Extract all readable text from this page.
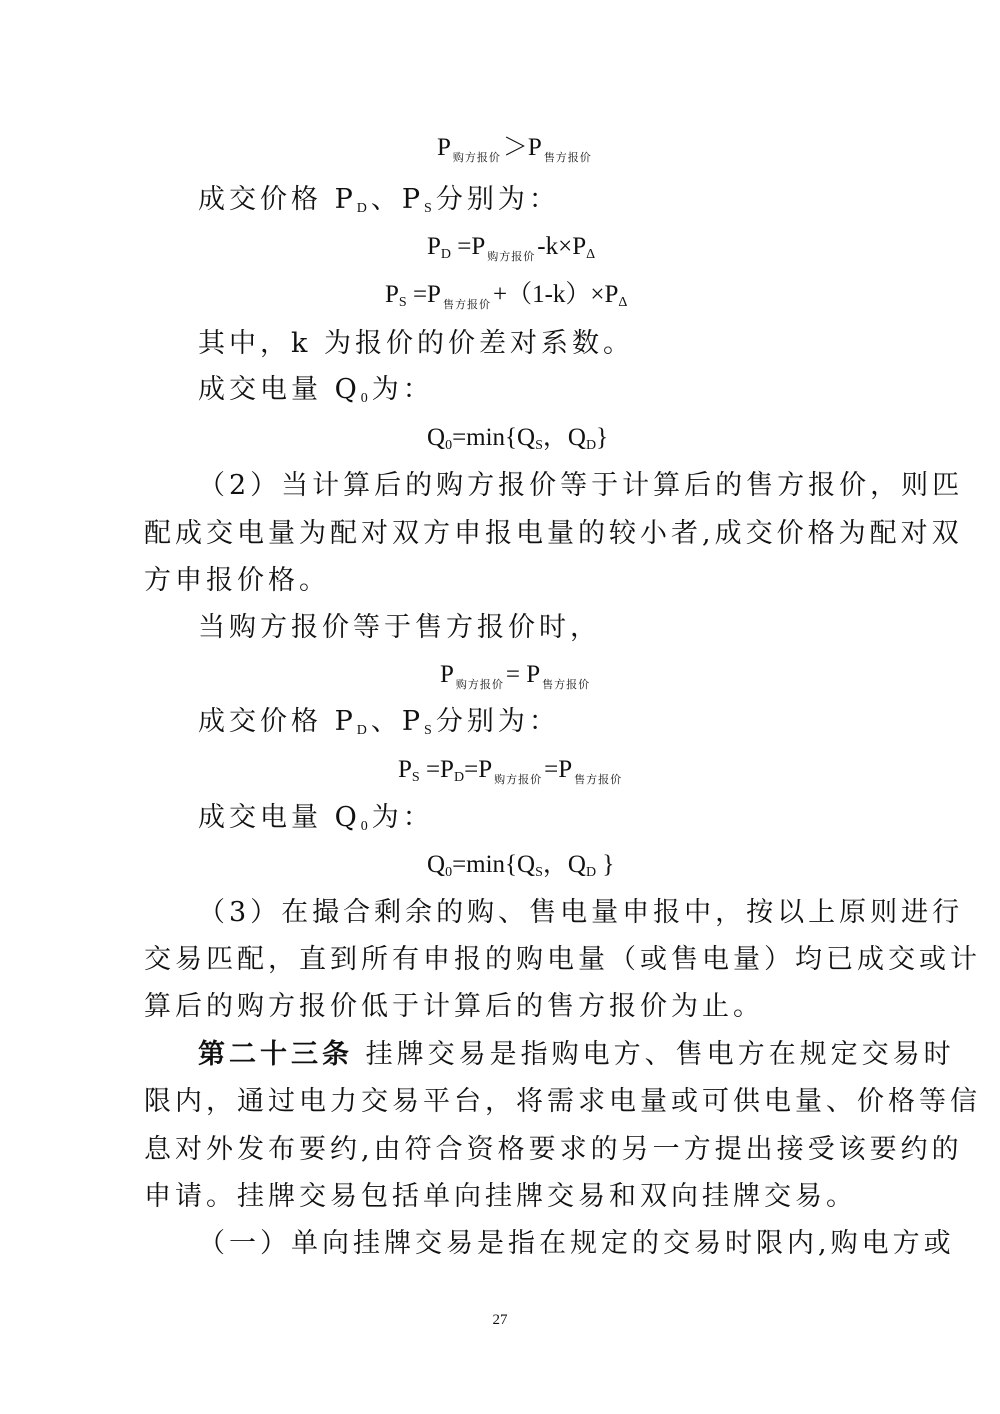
P $_{购方报价}$＞P $_{售方报价}$
成交价格 PD、PS分别为：
PD =P $_{购方报价}$-k×PΔ
PS =P $_{售方报价}$+（1-k）×PΔ
其中，k 为报价的价差对系数。
成交电量 Q0为：
Q0=min{QS，QD}
（2）当计算后的购方报价等于计算后的售方报价，则匹
配成交电量为配对双方申报电量的较小者,成交价格为配对双
方申报价格。
当购方报价等于售方报价时，
P $_{购方报价}$= P $_{售方报价}$
成交价格 PD、PS分别为：
PS =PD=P $_{购方报价}$=P $_{售方报价}$
成交电量 Q0为：
Q0=min{QS，QD }
（3）在撮合剩余的购、售电量申报中，按以上原则进行
交易匹配，直到所有申报的购电量（或售电量）均已成交或计
算后的购方报价低于计算后的售方报价为止。
第二十三条 挂牌交易是指购电方、售电方在规定交易时
限内，通过电力交易平台，将需求电量或可供电量、价格等信
息对外发布要约,由符合资格要求的另一方提出接受该要约的
申请。挂牌交易包括单向挂牌交易和双向挂牌交易。
（一）单向挂牌交易是指在规定的交易时限内,购电方或
27
